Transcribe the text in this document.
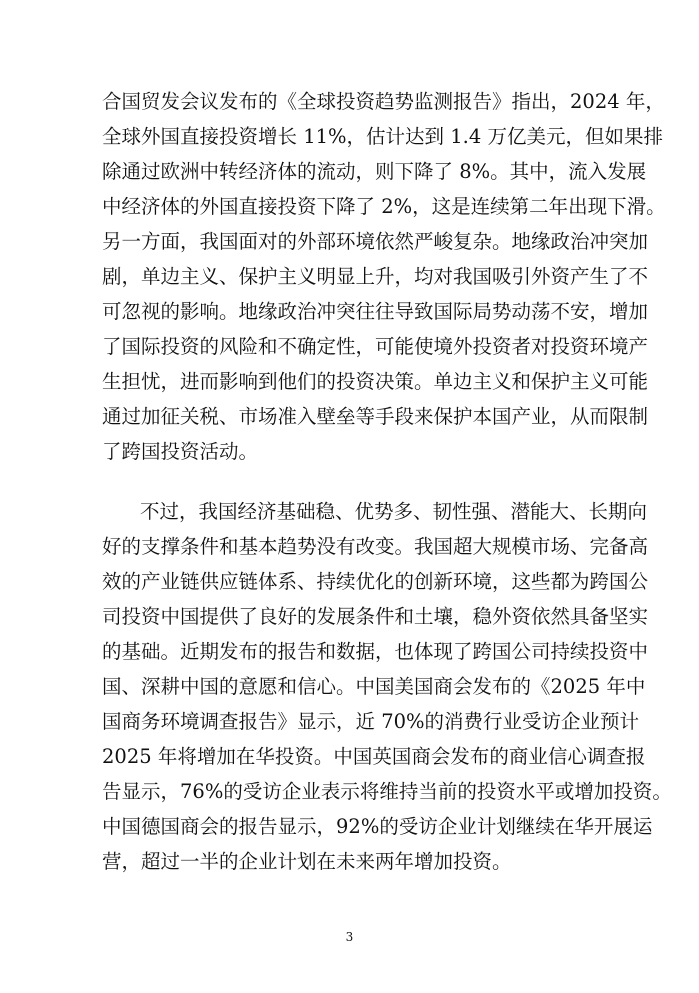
合国贸发会议发布的《全球投资趋势监测报告》指出，2024 年，
全球外国直接投资增长 11%，估计达到 1.4 万亿美元，但如果排
除通过欧洲中转经济体的流动，则下降了 8%。其中，流入发展
中经济体的外国直接投资下降了 2%，这是连续第二年出现下滑。
另一方面，我国面对的外部环境依然严峻复杂。地缘政治冲突加
剧，单边主义、保护主义明显上升，均对我国吸引外资产生了不
可忽视的影响。地缘政治冲突往往导致国际局势动荡不安，增加
了国际投资的风险和不确定性，可能使境外投资者对投资环境产
生担忧，进而影响到他们的投资决策。单边主义和保护主义可能
通过加征关税、市场准入壁垒等手段来保护本国产业，从而限制
了跨国投资活动。
不过，我国经济基础稳、优势多、韧性强、潜能大、长期向
好的支撑条件和基本趋势没有改变。我国超大规模市场、完备高
效的产业链供应链体系、持续优化的创新环境，这些都为跨国公
司投资中国提供了良好的发展条件和土壤，稳外资依然具备坚实
的基础。近期发布的报告和数据，也体现了跨国公司持续投资中
国、深耕中国的意愿和信心。中国美国商会发布的《2025 年中
国商务环境调查报告》显示，近 70%的消费行业受访企业预计
2025 年将增加在华投资。中国英国商会发布的商业信心调查报
告显示，76%的受访企业表示将维持当前的投资水平或增加投资。
中国德国商会的报告显示，92%的受访企业计划继续在华开展运
营，超过一半的企业计划在未来两年增加投资。
3
